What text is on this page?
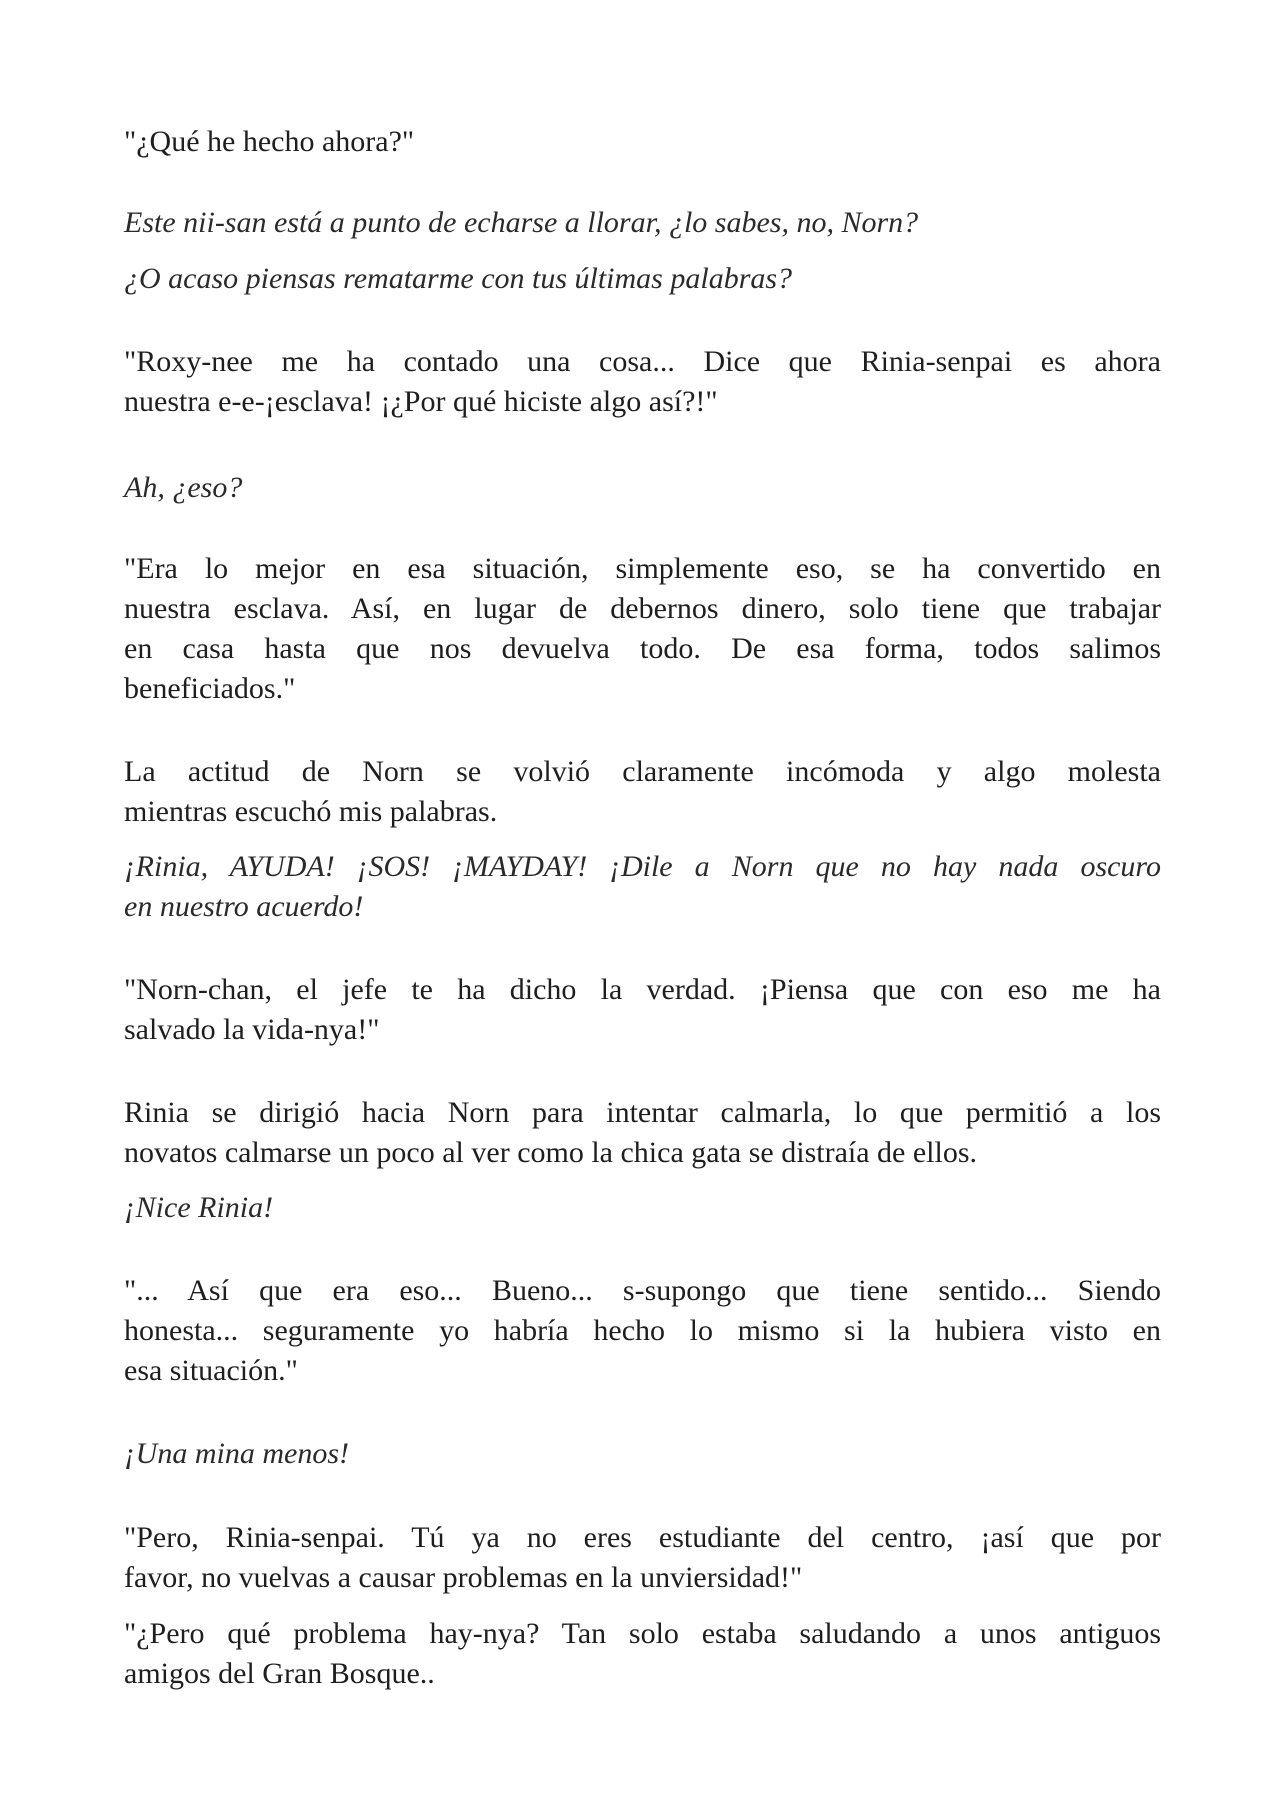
"¿Qué he hecho ahora?"

Este nii-san está a punto de echarse a llorar, ¿lo sabes, no, Norn?

¿O acaso piensas rematarme con tus últimas palabras?

"Roxy-nee me ha contado una cosa... Dice que Rinia-senpai es ahora

nuestra e-e-¡esclava! ¡¿Por qué hiciste algo así?!"

Ah, ¿eso?

"Era lo mejor en esa situación, simplemente eso, se ha convertido en

nuestra esclava. Así, en lugar de debernos dinero, solo tiene que trabajar

en casa hasta que nos devuelva todo. De esa forma, todos salimos

beneficiados."

La actitud de Norn se volvió claramente incómoda y algo molesta

mientras escuchó mis palabras.

¡Rinia, AYUDA! ¡SOS! ¡MAYDAY! ¡Dile a Norn que no hay nada oscuro

en nuestro acuerdo!

"Norn-chan, el jefe te ha dicho la verdad. ¡Piensa que con eso me ha

salvado la vida-nya!"

Rinia se dirigió hacia Norn para intentar calmarla, lo que permitió a los

novatos calmarse un poco al ver como la chica gata se distraía de ellos.

¡Nice Rinia!

"... Así que era eso... Bueno... s-supongo que tiene sentido... Siendo

honesta... seguramente yo habría hecho lo mismo si la hubiera visto en

esa situación."

¡Una mina menos!

"Pero, Rinia-senpai. Tú ya no eres estudiante del centro, ¡así que por

favor, no vuelvas a causar problemas en la unviersidad!"

"¿Pero qué problema hay-nya? Tan solo estaba saludando a unos antiguos

amigos del Gran Bosque..
